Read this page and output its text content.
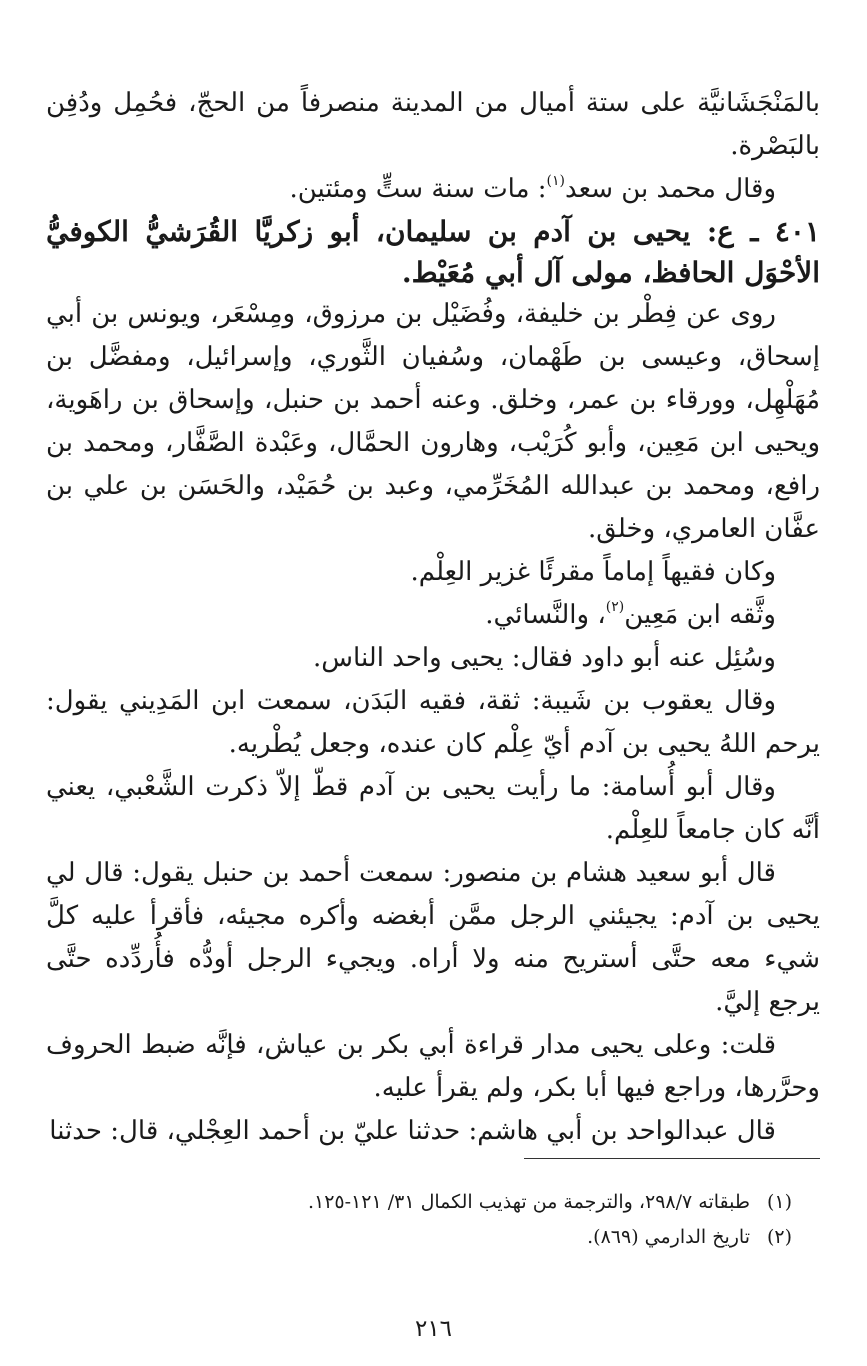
بالمَنْجَشَانيَّة على ستة أميال من المدينة منصرفاً من الحجّ، فحُمِل ودُفِن بالبَصْرة.

وقال محمد بن سعد$^{(١)}$: مات سنة ستٍّ ومئتين.

٤٠١ ـ ع: يحيى بن آدم بن سليمان، أبو زكريَّا القُرَشيُّ الكوفيُّ الأحْوَل الحافظ، مولى آل أبي مُعَيْط.

روى عن فِطْر بن خليفة، وفُضَيْل بن مرزوق، ومِسْعَر، ويونس بن أبي إسحاق، وعيسى بن طَهْمان، وسُفيان الثَّوري، وإسرائيل، ومفضَّل بن مُهَلْهِل، وورقاء بن عمر، وخلق. وعنه أحمد بن حنبل، وإسحاق بن راهَوية، ويحيى ابن مَعِين، وأبو كُرَيْب، وهارون الحمَّال، وعَبْدة الصَّفَّار، ومحمد بن رافع، ومحمد بن عبدالله المُخَرِّمي، وعبد بن حُمَيْد، والحَسَن بن علي بن عفَّان العامري، وخلق.

وكان فقيهاً إماماً مقرئًا غزير العِلْم.

وثَّقه ابن مَعِين$^{(٢)}$، والنَّسائي.

وسُئِل عنه أبو داود فقال: يحيى واحد الناس.

وقال يعقوب بن شَيبة: ثقة، فقيه البَدَن، سمعت ابن المَدِيني يقول: يرحم اللهُ يحيى بن آدم أيّ عِلْم كان عنده، وجعل يُطْريه.

وقال أبو أُسامة: ما رأيت يحيى بن آدم قطّ إلاّ ذكرت الشَّعْبي، يعني أنَّه كان جامعاً للعِلْم.

قال أبو سعيد هشام بن منصور: سمعت أحمد بن حنبل يقول: قال لي يحيى بن آدم: يجيئني الرجل ممَّن أبغضه وأكره مجيئه، فأقرأ عليه كلَّ شيء معه حتَّى أستريح منه ولا أراه. ويجيء الرجل أودُّه فأُردِّده حتَّى يرجع إليَّ.

قلت: وعلى يحيى مدار قراءة أبي بكر بن عياش، فإنَّه ضبط الحروف وحرَّرها، وراجع فيها أبا بكر، ولم يقرأ عليه.

قال عبدالواحد بن أبي هاشم: حدثنا عليّ بن أحمد العِجْلي، قال: حدثنا

(١)طبقاته ٢٩٨/٧، والترجمة من تهذيب الكمال ٣١/ ١٢١-١٢٥.

(٢)تاريخ الدارمي (٨٦٩).

٢١٦
